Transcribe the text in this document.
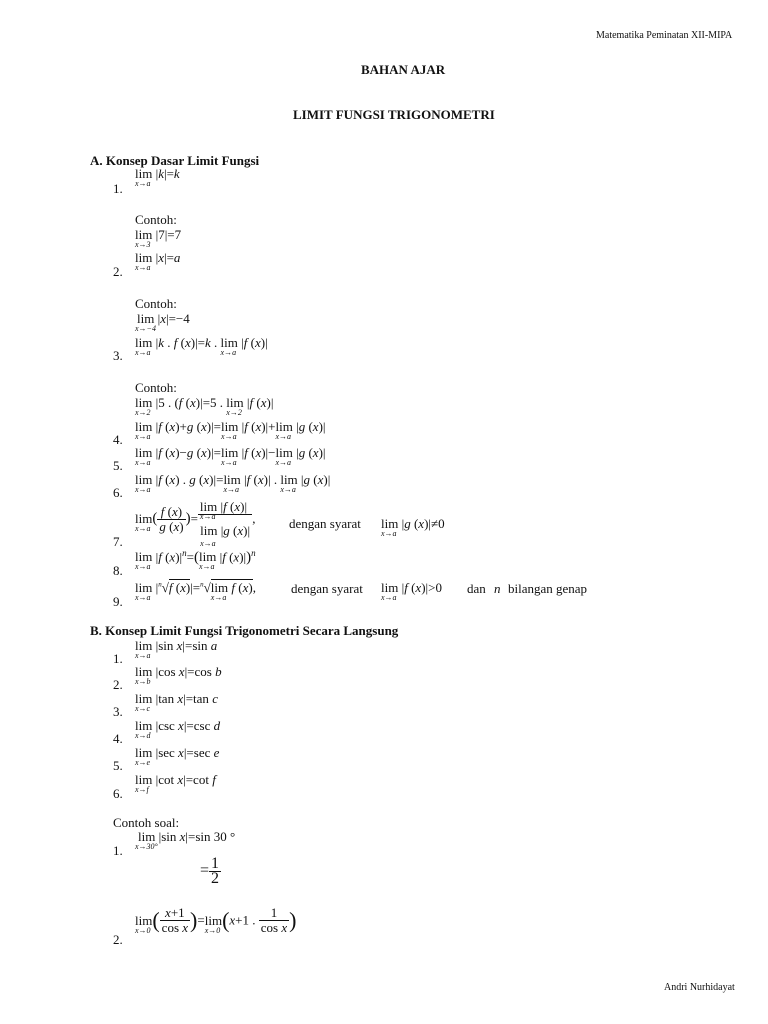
Matematika Peminatan XII-MIPA
Andri Nurhidayat
BAHAN AJAR
LIMIT FUNGSI TRIGONOMETRI
A. Konsep Dasar Limit Fungsi
1.
lim
x→a
|k|=k
Contoh:
lim
x→3
|7|=7
2.
lim
x→a
|x|=a
Contoh:
lim
x→−4
|x|=−4
3.
lim
x→a
|k . f (x)|=k . lim
x→a
|f (x)|
Contoh:
lim
x→2
|5 . (f (x)|=5 . lim
x→2
|f (x)|
4.
lim
x→a
|f (x)+g (x)|=lim
x→a
|f (x)|+lim
x→a
|g (x)|
5.
lim
x→a
|f (x)−g (x)|=lim
x→a
|f (x)|−lim
x→a
|g (x)|
6.
lim
x→a
|f (x) . g (x)|=lim
x→a
|f (x)| . lim
x→a
|g (x)|
7.
lim
x→a
( $\frac{f (x)}{g (x)}$ )= lim
x→a
|f (x)|
lim
x→a
|g (x)| ,	dengan syarat lim
x→a
|g (x)|≠0
8.
lim
x→a
|f $(x)|^n=(\lim$
x→a
|f (x)|)$^n$
9.
lim
x→a
$|^n√f$ (x)|=$^n$√lim
x→a
f (x),	dengan syarat lim
x→a
|f (x)|>0 dan n bilangan genap
B. Konsep Limit Fungsi Trigonometri Secara Langsung
1.
lim
x→a
|sin x|=sin a
2.
lim
x→b
|cos x|=cos b
3.
lim
x→c
|tan x|=tan c
4.
lim
x→d
|csc x|=csc d
5.
lim
x→e
|sec x|=sec e
6.
lim
x→f
|cot x|=cot f
Contoh soal:
1.
lim
x→30°
|sin x|=sin 30 °
= $\frac{1}{2}$
2.
lim
x→0 ( $\frac{x+1}{\text{cos x}} )=\lim$
x→0 (x+1 . $\frac{1}{\text{cos x}}$ )
